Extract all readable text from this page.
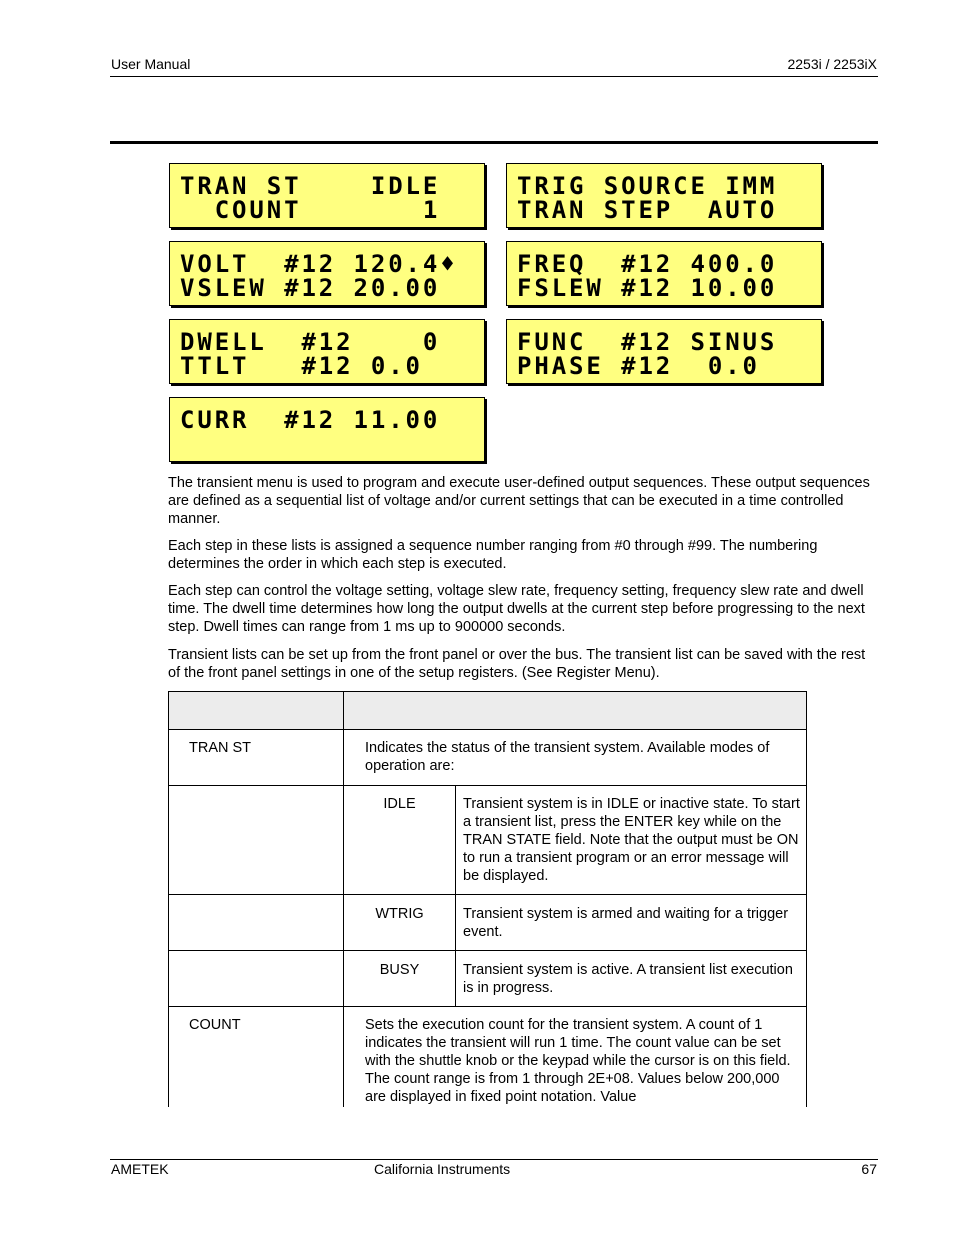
User Manual	2253i / 2253iX
TRAN ST    IDLE
COUNT       1
TRIG SOURCE IMM
TRAN STEP  AUTO
VOLT  #12 120.4♦
VSLEW #12 20.00
FREQ  #12 400.0
FSLEW #12 10.00
DWELL  #12    0
TTLT   #12 0.0
FUNC  #12 SINUS
PHASE #12  0.0
CURR  #12 11.00

The transient menu is used to program and execute user-defined output sequences. These output sequences are defined as a sequential list of voltage and/or current settings that can be executed in a time controlled manner.

Each step in these lists is assigned a sequence number ranging from #0 through #99. The numbering determines the order in which each step is executed.

Each step can control the voltage setting, voltage slew rate, frequency setting, frequency slew rate and dwell time. The dwell time determines how long the output dwells at the current step before progressing to the next step. Dwell times can range from 1 ms up to 900000 seconds.

Transient lists can be set up from the front panel or over the bus. The transient list can be saved with the rest of the front panel settings in one of the setup registers. (See Register Menu).

TRAN ST	Indicates the status of the transient system. Available modes of operation are:
IDLE	Transient system is in IDLE or inactive state. To start a transient list, press the ENTER key while on the TRAN STATE field. Note that the output must be ON to run a transient program or an error message will be displayed.
WTRIG	Transient system is armed and waiting for a trigger event.
BUSY	Transient system is active. A transient list execution is in progress.
COUNT	Sets the execution count for the transient system. A count of 1 indicates the transient will run 1 time. The count value can be set with the shuttle knob or the keypad while the cursor is on this field. The count range is from 1 through 2E+08. Values below 200,000 are displayed in fixed point notation. Value
AMETEK	California Instruments	67
